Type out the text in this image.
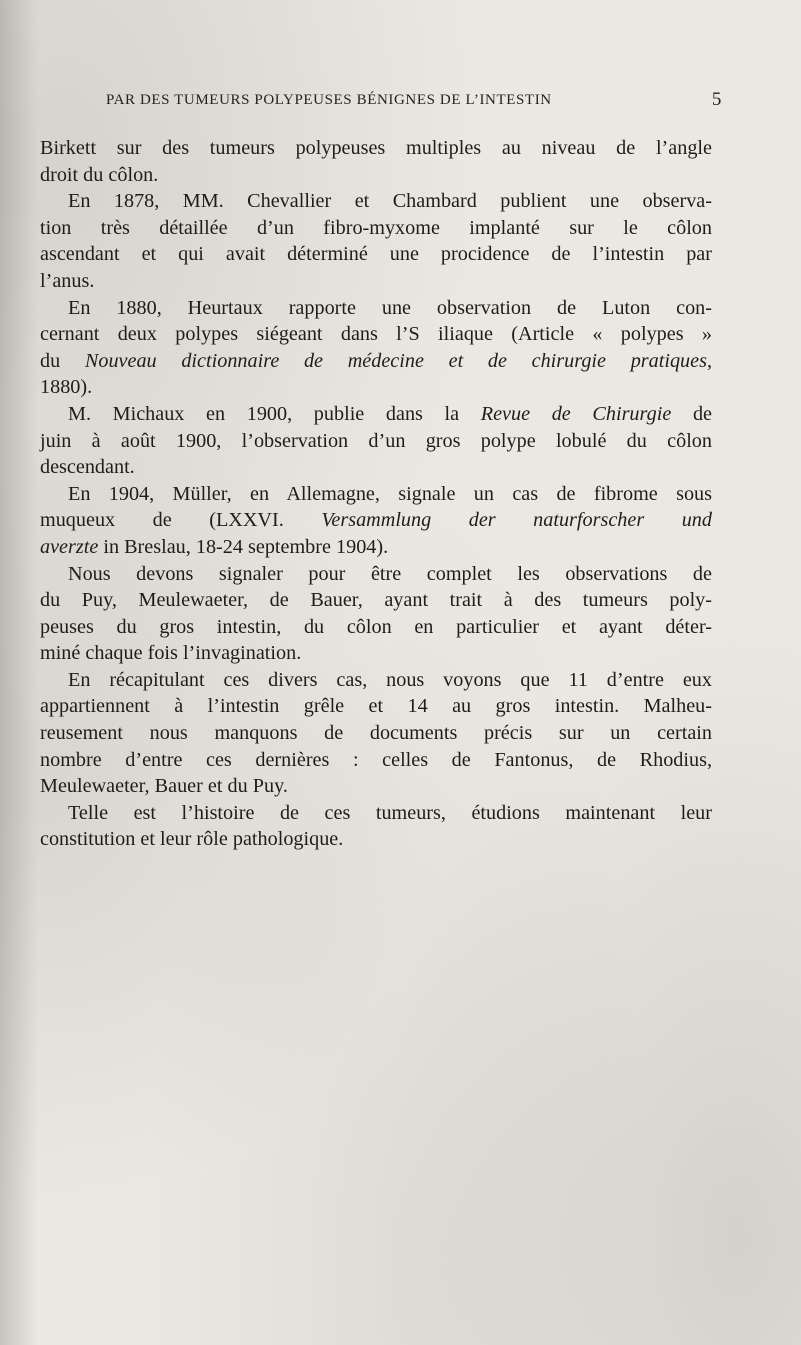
PAR DES TUMEURS POLYPEUSES BÉNIGNES DE L’INTESTIN	5
Birkett sur des tumeurs polypeuses multiples au niveau de l’angle
droit du côlon.
En 1878, MM. Chevallier et Chambard publient une observa-
tion très détaillée d’un fibro-myxome implanté sur le côlon
ascendant et qui avait déterminé une procidence de l’intestin par
l’anus.
En 1880, Heurtaux rapporte une observation de Luton con-
cernant deux polypes siégeant dans l’S iliaque (Article « polypes »
du Nouveau dictionnaire de médecine et de chirurgie pratiques,
1880).
M. Michaux en 1900, publie dans la Revue de Chirurgie de
juin à août 1900, l’observation d’un gros polype lobulé du côlon
descendant.
En 1904, Müller, en Allemagne, signale un cas de fibrome sous
muqueux de (LXXVI. Versammlung der naturforscher und
averzte in Breslau, 18-24 septembre 1904).
Nous devons signaler pour être complet les observations de
du Puy, Meulewaeter, de Bauer, ayant trait à des tumeurs poly-
peuses du gros intestin, du côlon en particulier et ayant déter-
miné chaque fois l’invagination.
En récapitulant ces divers cas, nous voyons que 11 d’entre eux
appartiennent à l’intestin grêle et 14 au gros intestin. Malheu-
reusement nous manquons de documents précis sur un certain
nombre d’entre ces dernières : celles de Fantonus, de Rhodius,
Meulewaeter, Bauer et du Puy.
Telle est l’histoire de ces tumeurs, étudions maintenant leur
constitution et leur rôle pathologique.
